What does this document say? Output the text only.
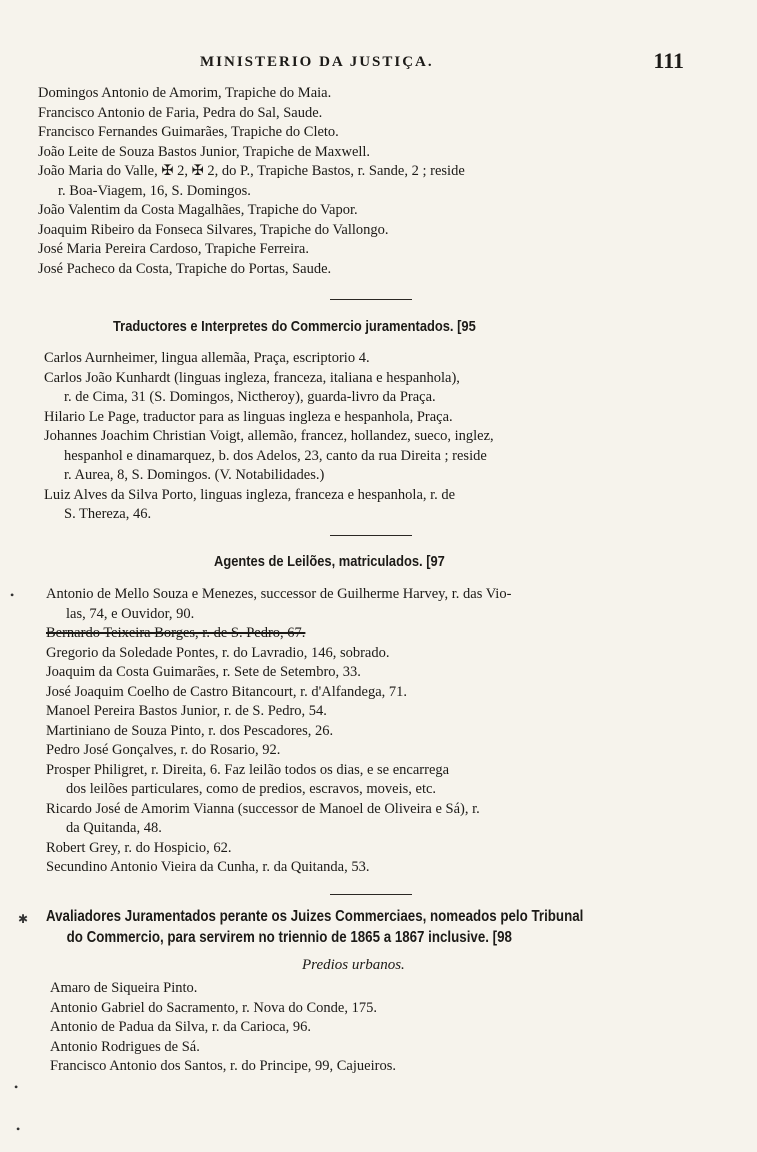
MINISTERIO DA JUSTIÇA.	111
Domingos Antonio de Amorim, Trapiche do Maia.
Francisco Antonio de Faria, Pedra do Sal, Saude.
Francisco Fernandes Guimarães, Trapiche do Cleto.
João Leite de Souza Bastos Junior, Trapiche de Maxwell.
João Maria do Valle, ✠ 2, ✠ 2, do P., Trapiche Bastos, r. Sande, 2 ; reside
r. Boa-Viagem, 16, S. Domingos.
João Valentim da Costa Magalhães, Trapiche do Vapor.
Joaquim Ribeiro da Fonseca Silvares, Trapiche do Vallongo.
José Maria Pereira Cardoso, Trapiche Ferreira.
José Pacheco da Costa, Trapiche do Portas, Saude.
Traductores e Interpretes do Commercio juramentados. [95
Carlos Aurnheimer, lingua allemãa, Praça, escriptorio 4.
Carlos João Kunhardt (linguas ingleza, franceza, italiana e hespanhola),
r. de Cima, 31 (S. Domingos, Nictheroy), guarda-livro da Praça.
Hilario Le Page, traductor para as linguas ingleza e hespanhola, Praça.
Johannes Joachim Christian Voigt, allemão, francez, hollandez, sueco, inglez,
hespanhol e dinamarquez, b. dos Adelos, 23, canto da rua Direita ; reside
r. Aurea, 8, S. Domingos. (V. Notabilidades.)
Luiz Alves da Silva Porto, linguas ingleza, franceza e hespanhola, r. de
S. Thereza, 46.
Agentes de Leilões, matriculados. [97
• Antonio de Mello Souza e Menezes, successor de Guilherme Harvey, r. das Vio-
las, 74, e Ouvidor, 90.
Bernardo Teixeira Borges, r. de S. Pedro, 67.
Gregorio da Soledade Pontes, r. do Lavradio, 146, sobrado.
Joaquim da Costa Guimarães, r. Sete de Setembro, 33.
José Joaquim Coelho de Castro Bitancourt, r. d'Alfandega, 71.
Manoel Pereira Bastos Junior, r. de S. Pedro, 54.
Martiniano de Souza Pinto, r. dos Pescadores, 26.
Pedro José Gonçalves, r. do Rosario, 92.
Prosper Philigret, r. Direita, 6. Faz leilão todos os dias, e se encarrega
dos leilões particulares, como de predios, escravos, moveis, etc.
Ricardo José de Amorim Vianna (successor de Manoel de Oliveira e Sá), r.
da Quitanda, 48.
Robert Grey, r. do Hospicio, 62.
Secundino Antonio Vieira da Cunha, r. da Quitanda, 53.
✱ Avaliadores Juramentados perante os Juizes Commerciaes, nomeados pelo Tribunal
do Commercio, para servirem no triennio de 1865 a 1867 inclusive. [98
Predios urbanos.
Amaro de Siqueira Pinto.
Antonio Gabriel do Sacramento, r. Nova do Conde, 175.
Antonio de Padua da Silva, r. da Carioca, 96.
Antonio Rodrigues de Sá.
Francisco Antonio dos Santos, r. do Principe, 99, Cajueiros.
•
•
